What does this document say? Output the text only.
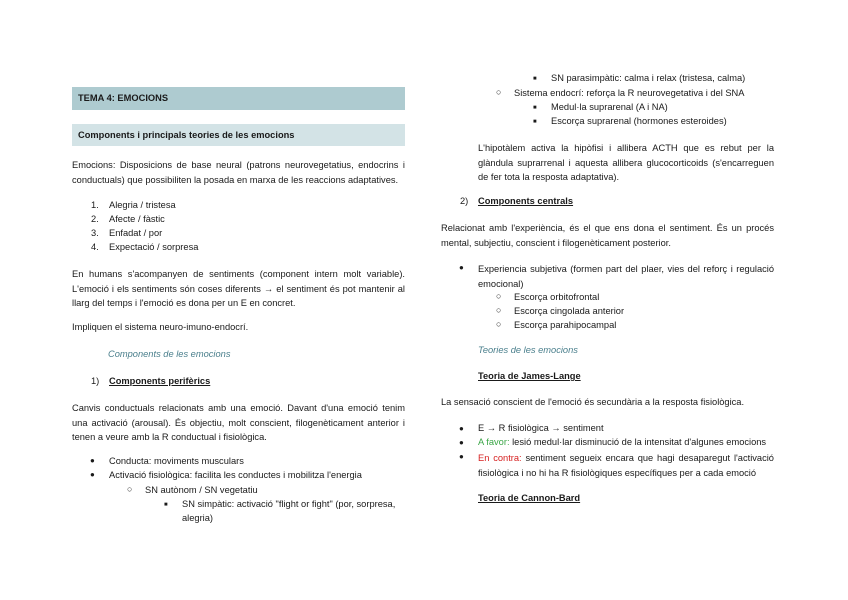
TEMA 4: EMOCIONS
Components i principals teories de les emocions
Emocions: Disposicions de base neural (patrons neurovegetatius, endocrins i conductuals) que possibiliten la posada en marxa de les reaccions adaptatives.
1. Alegria / tristesa
2. Afecte / fàstic
3. Enfadat / por
4. Expectació / sorpresa
En humans s'acompanyen de sentiments (component intern molt variable). L'emoció i els sentiments són coses diferents → el sentiment és pot mantenir al llarg del temps i l'emoció es dona per un E en concret.
Impliquen el sistema neuro-imuno-endocrí.
Components de les emocions
1) Components perifèrics
Canvis conductuals relacionats amb una emoció. Davant d'una emoció tenim una activació (arousal). És objectiu, molt conscient, filogenèticament anterior i tenen a veure amb la R conductual i fisiològica.
● Conducta: moviments musculars
● Activació fisiològica: facilita les conductes i mobilitza l'energia
○ SN autònom / SN vegetatiu
■ SN simpàtic: activació "flight or fight" (por, sorpresa,
alegria)
■ SN parasimpàtic: calma i relax (tristesa, calma)
○ Sistema endocrí: reforça la R neurovegetativa i del SNA
■ Medul·la suprarenal (A i NA)
■ Escorça suprarenal (hormones esteroides)
L'hipotàlem activa la hipòfisi i allibera ACTH que es rebut per la glàndula suprarrenal i aquesta allibera glucocorticoids (s'encarreguen de fer tota la resposta adaptativa).
2) Components centrals
Relacionat amb l'experiència, és el que ens dona el sentiment. És un procés mental, subjectiu, conscient i filogenèticament posterior.
● Experiencia subjetiva (formen part del plaer, vies del reforç i regulació emocional)
○ Escorça orbitofrontal
○ Escorça cingolada anterior
○ Escorça parahipocampal
Teories de les emocions
Teoria de James-Lange
La sensació conscient de l'emoció és secundària a la resposta fisiològica.
● E → R fisiològica → sentiment
● A favor: lesió medul·lar disminució de la intensitat d'algunes emocions
● En contra: sentiment segueix encara que hagi desaparegut l'activació fisiològica i no hi ha R fisiològiques específiques per a cada emoció
Teoria de Cannon-Bard
